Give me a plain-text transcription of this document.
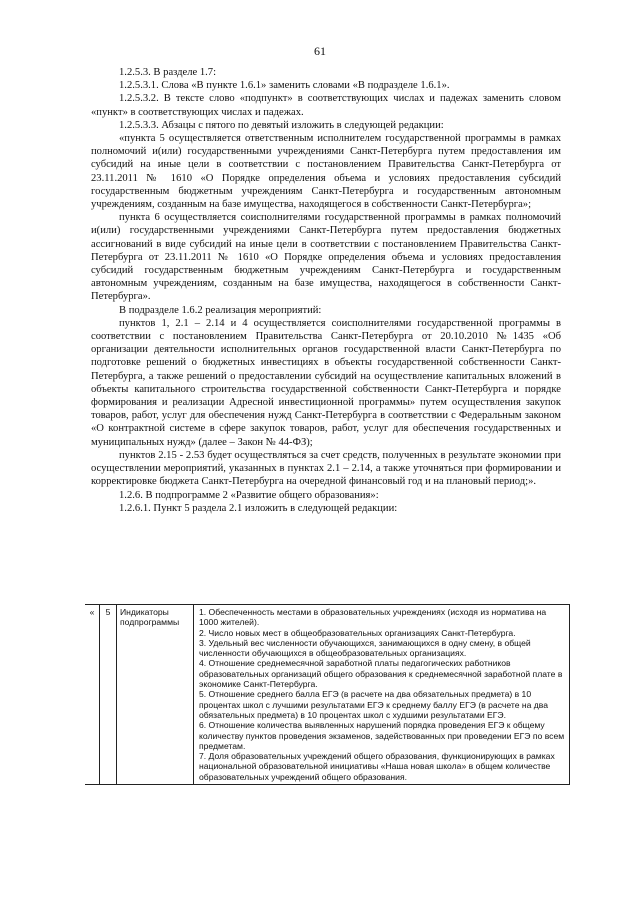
61

1.2.5.3. В разделе 1.7:

1.2.5.3.1. Слова «В пункте 1.6.1» заменить словами «В подразделе 1.6.1».

1.2.5.3.2. В тексте слово «подпункт» в соответствующих числах и падежах заменить словом «пункт» в соответствующих числах и падежах.

1.2.5.3.3. Абзацы с пятого по девятый изложить в следующей редакции:

«пункта 5 осуществляется ответственным исполнителем государственной программы в рамках полномочий и(или) государственными учреждениями Санкт-Петербурга путем предоставления им субсидий на иные цели в соответствии с постановлением Правительства Санкт-Петербурга от 23.11.2011 № 1610 «О Порядке определения объема и условиях предоставления субсидий государственным бюджетным учреждениям Санкт-Петербурга и государственным автономным учреждениям, созданным на базе имущества, находящегося в собственности Санкт-Петербурга»;

пункта 6 осуществляется соисполнителями государственной программы в рамках полномочий и(или) государственными учреждениями Санкт-Петербурга путем предоставления бюджетных ассигнований в виде субсидий на иные цели в соответствии с постановлением Правительства Санкт-Петербурга от 23.11.2011 № 1610 «О Порядке определения объема и условиях предоставления субсидий государственным бюджетным учреждениям Санкт-Петербурга и государственным автономным учреждениям, созданным на базе имущества, находящегося в собственности Санкт-Петербурга».

В подразделе 1.6.2 реализация мероприятий:

пунктов 1, 2.1 – 2.14 и 4 осуществляется соисполнителями государственной программы в соответствии с постановлением Правительства Санкт-Петербурга от 20.10.2010 №1435 «Об организации деятельности исполнительных органов государственной власти Санкт-Петербурга по подготовке решений о бюджетных инвестициях в объекты государственной собственности Санкт-Петербурга, а также решений о предоставлении субсидий на осуществление капитальных вложений в объекты капитального строительства государственной собственности Санкт-Петербурга и порядке формирования и реализации Адресной инвестиционной программы» путем осуществления закупок товаров, работ, услуг для обеспечения нужд Санкт-Петербурга в соответствии с Федеральным законом «О контрактной системе в сфере закупок товаров, работ, услуг для обеспечения государственных и муниципальных нужд» (далее – Закон № 44-ФЗ);

пунктов 2.15 - 2.53 будет осуществляться за счет средств, полученных в результате экономии при осуществлении мероприятий, указанных в пунктах 2.1 – 2.14, а также уточняться при формировании и корректировке бюджета Санкт-Петербурга на очередной финансовый год и на плановый период;».

1.2.6. В подпрограмме 2 «Развитие общего образования»:

1.2.6.1. Пункт 5 раздела 2.1 изложить в следующей редакции:

«	5	Индикаторы подпрограммы	
1. Обеспеченность местами в образовательных учреждениях (исходя из норматива на 1000 жителей).
2. Число новых мест в общеобразовательных организациях Санкт-Петербурга.
3. Удельный вес численности обучающихся, занимающихся в одну смену, в общей численности обучающихся в общеобразовательных организациях.
4. Отношение среднемесячной заработной платы педагогических работников образовательных организаций общего образования к среднемесячной заработной плате в экономике Санкт-Петербурга.
5. Отношение среднего балла ЕГЭ (в расчете на два обязательных предмета) в 10 процентах школ с лучшими результатами ЕГЭ к среднему баллу ЕГЭ (в расчете на два обязательных предмета) в 10 процентах школ с худшими результатами ЕГЭ.
6. Отношение количества выявленных нарушений порядка проведения ЕГЭ к общему количеству пунктов проведения экзаменов, задействованных при проведении ЕГЭ по всем предметам.
7. Доля образовательных учреждений общего образования, функционирующих в рамках национальной образовательной инициативы «Наша новая школа» в общем количестве образовательных учреждений общего образования.
